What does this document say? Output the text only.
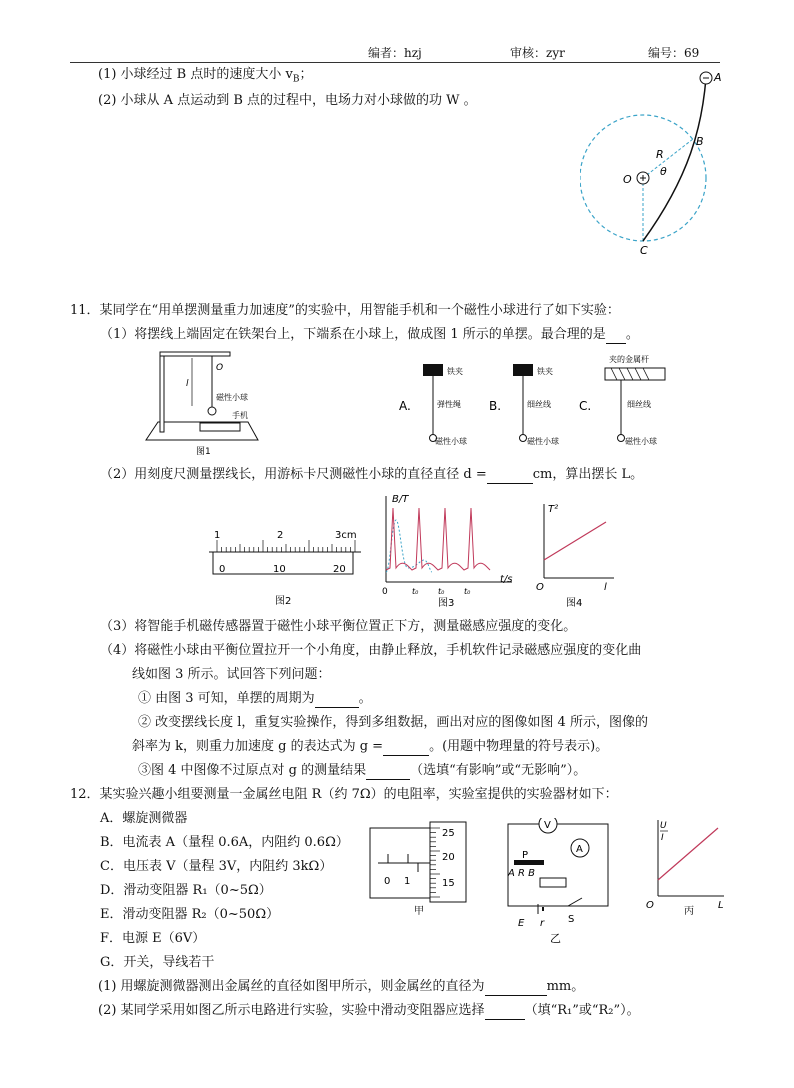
编者：hzj	审核：zyr	编号：69
(1) 小球经过 B 点时的速度大小 $v_B$；
(2) 小球从 A 点运动到 B 点的过程中，电场力对小球做的功 W 。
A
B
C
O
R
θ
11．某同学在“用单摆测量重力加速度”的实验中，用智能手机和一个磁性小球进行了如下实验：
（1）将摆线上端固定在铁架台上，下端系在小球上，做成图 1 所示的单摆。最合理的是 。
O
l
磁性小球
手机
图1
A.
铁夹
弹性绳
磁性小球
B.
铁夹
细丝线
磁性小球
C.
夹的金属杆
细丝线
磁性小球
（2）用刻度尺测量摆线长，用游标卡尺测磁性小球的直径直径 d =	cm，算出摆长 L。
1	2	3cm
0	10	20
图2
B/T
t/s
0	t₀ t₀ t₀
图3
T²
l
O
图4
（3）将智能手机磁传感器置于磁性小球平衡位置正下方，测量磁感应强度的变化。
（4）将磁性小球由平衡位置拉开一个小角度，由静止释放，手机软件记录磁感应强度的变化曲
线如图 3 所示。试回答下列问题：
① 由图 3 可知，单摆的周期为	。
② 改变摆线长度 l，重复实验操作，得到多组数据，画出对应的图像如图 4 所示，图像的
斜率为 k，则重力加速度 g 的表达式为 g =	。(用题中物理量的符号表示)。
③图 4 中图像不过原点对 g 的测量结果	（选填“有影响”或“无影响”）。
12．某实验兴趣小组要测量一金属丝电阻 R（约 7Ω）的电阻率，实验室提供的实验器材如下：
A．螺旋测微器
B．电流表 A（量程 0.6A，内阻约 0.6Ω）
C．电压表 V（量程 3V，内阻约 3kΩ）
D．滑动变阻器 R₁（0~5Ω）
E．滑动变阻器 R₂（0~50Ω）
F．电源 E（6V）
G．开关，导线若干
25
20
15
0 1
甲
V
A
P
A R B
E r S
乙
U
I
L
O
丙
(1) 用螺旋测微器测出金属丝的直径如图甲所示，则金属丝的直径为	mm。
(2) 某同学采用如图乙所示电路进行实验，实验中滑动变阻器应选择	（填“R₁”或“R₂”）。
